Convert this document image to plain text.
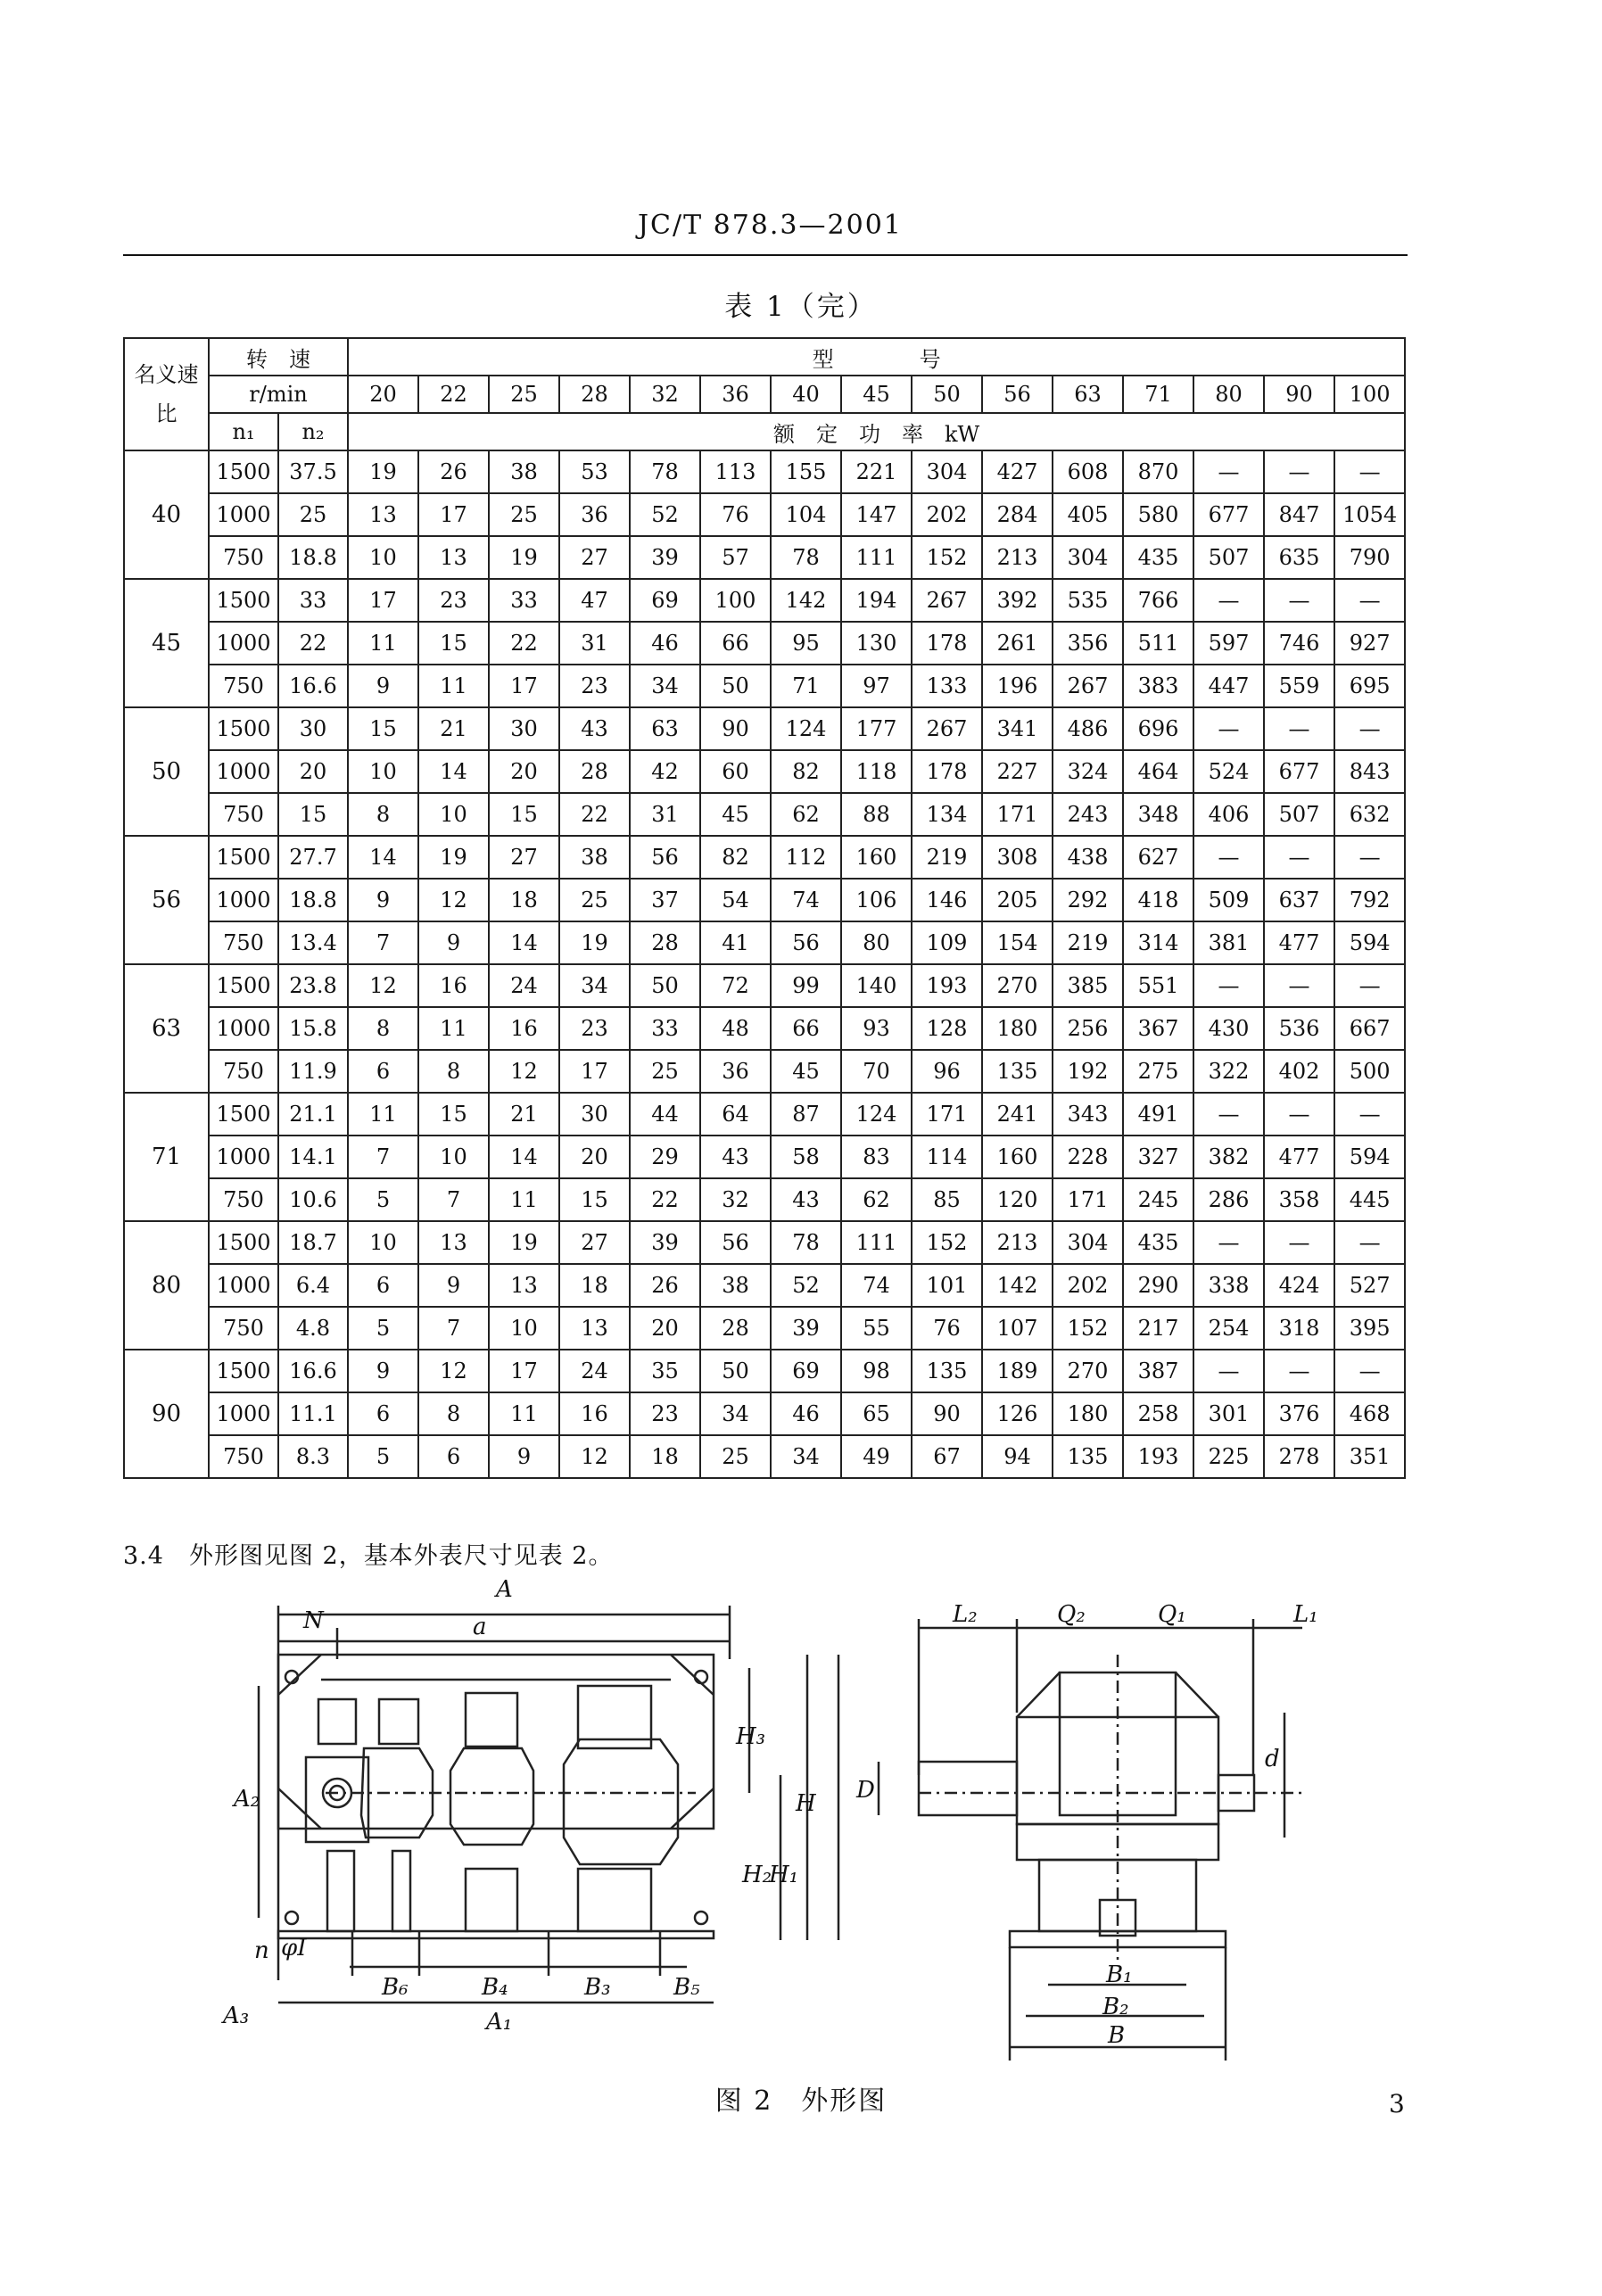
JC/T 878.3—2001
表 1（完）
名义速比	转　速		型　　　　号														
	r/min		20	22	25	28	32	36	40	45	50	56	63	71	80	90	100
	n₁	n₂	额　定　功　率　kW														
40	1500	37.5	19	26	38	53	78	113	155	221	304	427	608	870	—	—	—
	1000	25	13	17	25	36	52	76	104	147	202	284	405	580	677	847	1054
	750	18.8	10	13	19	27	39	57	78	111	152	213	304	435	507	635	790
45	1500	33	17	23	33	47	69	100	142	194	267	392	535	766	—	—	—
	1000	22	11	15	22	31	46	66	95	130	178	261	356	511	597	746	927
	750	16.6	9	11	17	23	34	50	71	97	133	196	267	383	447	559	695
50	1500	30	15	21	30	43	63	90	124	177	267	341	486	696	—	—	—
	1000	20	10	14	20	28	42	60	82	118	178	227	324	464	524	677	843
	750	15	8	10	15	22	31	45	62	88	134	171	243	348	406	507	632
56	1500	27.7	14	19	27	38	56	82	112	160	219	308	438	627	—	—	—
	1000	18.8	9	12	18	25	37	54	74	106	146	205	292	418	509	637	792
	750	13.4	7	9	14	19	28	41	56	80	109	154	219	314	381	477	594
63	1500	23.8	12	16	24	34	50	72	99	140	193	270	385	551	—	—	—
	1000	15.8	8	11	16	23	33	48	66	93	128	180	256	367	430	536	667
	750	11.9	6	8	12	17	25	36	45	70	96	135	192	275	322	402	500
71	1500	21.1	11	15	21	30	44	64	87	124	171	241	343	491	—	—	—
	1000	14.1	7	10	14	20	29	43	58	83	114	160	228	327	382	477	594
	750	10.6	5	7	11	15	22	32	43	62	85	120	171	245	286	358	445
80	1500	18.7	10	13	19	27	39	56	78	111	152	213	304	435	—	—	—
	1000	6.4	6	9	13	18	26	38	52	74	101	142	202	290	338	424	527
	750	4.8	5	7	10	13	20	28	39	55	76	107	152	217	254	318	395
90	1500	16.6	9	12	17	24	35	50	69	98	135	189	270	387	—	—	—
	1000	11.1	6	8	11	16	23	34	46	65	90	126	180	258	301	376	468
	750	8.3	5	6	9	12	18	25	34	49	67	94	135	193	225	278	351
3.4　外形图见图 2，基本外表尺寸见表 2。
A
N	a
A₂
H₃
H
H₂
H₁
n φI
B₆	B₄	B₃	B₅
A₃	A₁
L₂	Q₂	Q₁	L₁
D
d
B₁
B₂
B
图 2　外形图	3
